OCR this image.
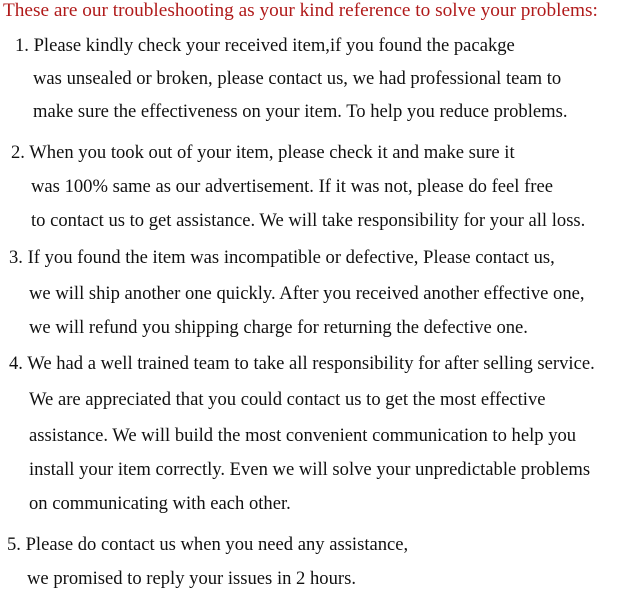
These are our troubleshooting as your kind reference to solve your problems:
1. Please kindly check your received item,if you found the pacakge
was unsealed or broken, please contact us, we had professional team to
make sure the effectiveness on your item. To help you reduce problems.
2. When you took out of your item, please check it and make sure it
was 100% same as our advertisement. If it was not, please do feel free
to contact us to get assistance. We will take responsibility for your all loss.
3. If you found the item was incompatible or defective, Please contact us,
we will ship another one quickly. After you received another effective one,
we will refund you shipping charge for returning the defective one.
4. We had a well trained team to take all responsibility for after selling service.
We are appreciated that you could contact us to get the most effective
assistance. We will build the most convenient communication to help you
install your item correctly. Even we will solve your unpredictable problems
on communicating with each other.
5. Please do contact us when you need any assistance,
we promised to reply your issues in 2 hours.
